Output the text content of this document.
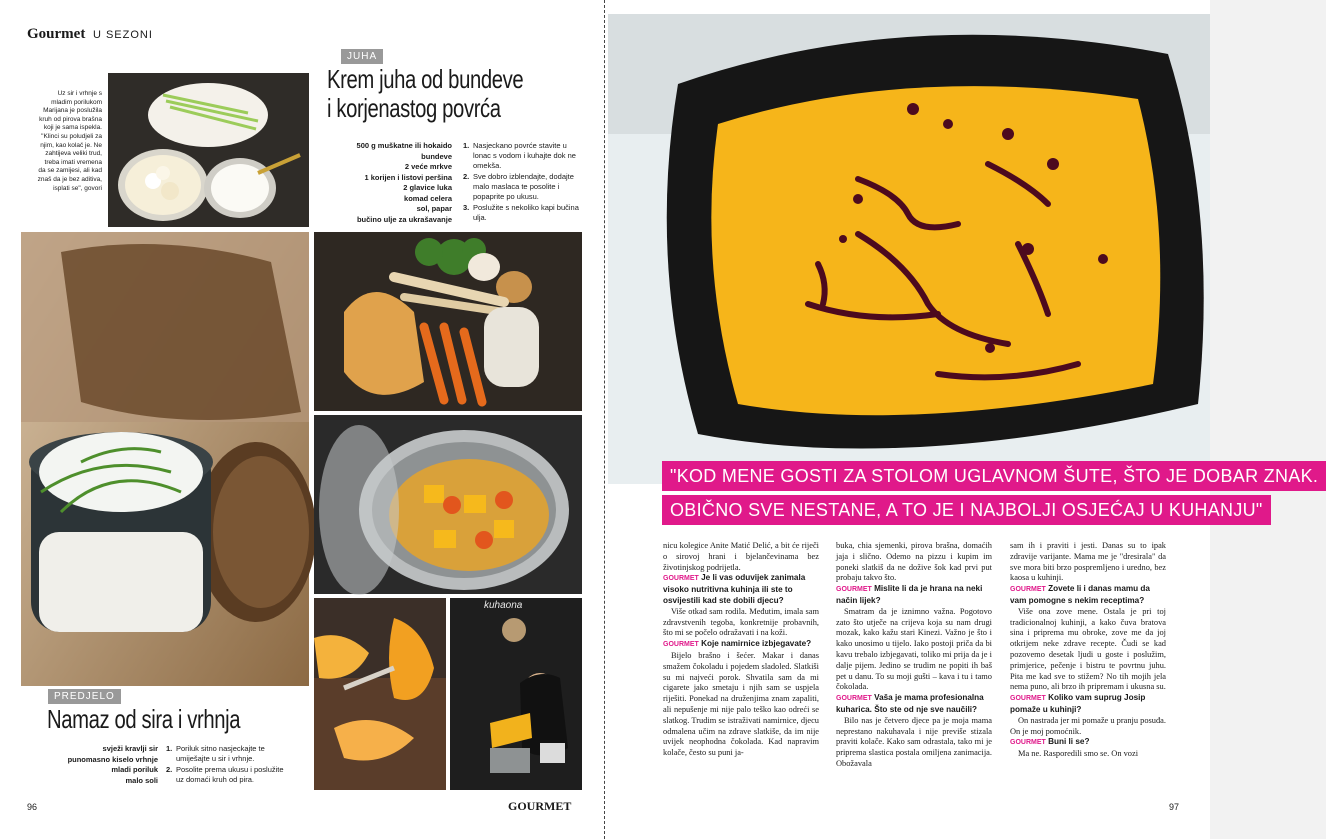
Gourmet U SEZONI
Uz sir i vrhnje s mladim porilukom Marijana je poslužila kruh od pirova brašna koji je sama ispekla. "Klinci su poludjeli za njim, kao kolač je. Ne zahtijeva veliki trud, treba imati vremena da se zamijesi, ali kad znaš da je bez aditiva, isplati se", govori
JUHA
Krem juha od bundeve
i korjenastog povrća
500 g muškatne ili hokaido
bundeve
2 veće mrkve
1 korijen i listovi peršina
2 glavice luka
komad celera
sol, papar
bučino ulje za ukrašavanje
1. Nasjeckano povrće stavite u lonac s vodom i kuhajte dok ne omekša.
2. Sve dobro izblendajte, dodajte malo maslaca te posolite i popaprite po ukusu.
3. Poslužite s nekoliko kapi bučina ulja.
PREDJELO
Namaz od sira i vrhnja
svježi kravlji sir
punomasno kiselo vrhnje
mladi poriluk
malo soli
1. Poriluk sitno nasjeckajte te umiješajte u sir i vrhnje.
2. Posolite prema ukusu i poslužite uz domaći kruh od pira.
kuhaona
96	GOURMET
"KOD MENE GOSTI ZA STOLOM UGLAVNOM ŠUTE, ŠTO JE DOBAR ZNAK. OBIČNO SVE NESTANE, A TO JE I NAJBOLJI OSJEĆAJ U KUHANJU"

nicu kolegice Anite Matić Delić, a bit će riječi o sirovoj hrani i bjelančevinama bez životinjskog podrijetla.

GOURMET Je li vas oduvijek zanimala visoko nutritivna kuhinja ili ste to osvijestili kad ste dobili djecu?

Više otkad sam rodila. Međutim, imala sam zdravstvenih tegoba, konkretnije probavnih, što mi se počelo odražavati i na koži.

GOURMET Koje namirnice izbjegavate?

Bijelo brašno i šećer. Makar i danas smažem čokoladu i pojedem sladoled. Slatkiši su mi najveći porok. Shvatila sam da mi cigarete jako smetaju i njih sam se uspjela riješiti. Ponekad na druženjima znam zapaliti, ali nepušenje mi nije palo teško kao odreći se slatkog. Trudim se istraživati namirnice, djecu odmalena učim na zdrave slatkiše, da im nije uvijek neophodna čokolada. Kad napravim kolače, često su puni ja-

buka, chia sjemenki, pirova brašna, domaćih jaja i slično. Odemo na pizzu i kupim im poneki slatkiš da ne doživе šok kad prvi put probaju takvo što.

GOURMET Mislite li da je hrana na neki način lijek?

Smatram da je iznimno važna. Pogotovo zato što utječe na crijeva koja su nam drugi mozak, kako kažu stari Kinezi. Važno je što i kako unosimo u tijelo. Iako postoji priča da bi kavu trebalo izbjegavati, toliko mi prija da je i dalje pijem. Jedino se trudim ne popiti ih baš pet u danu. To su moji gušti – kava i tu i tamo čokolada.

GOURMET Vaša je mama profesionalna kuharica. Što ste od nje sve naučili?

Bilo nas je četvero djece pa je moja mama neprestano nakuhavala i nije previše stizala praviti kolače. Kako sam odrastala, tako mi je priprema slastica postala omiljena zanimacija. Obožavala

sam ih i praviti i jesti. Danas su to ipak zdravije varijante. Mama me je "dresirala" da sve mora biti brzo pospremljeno i uredno, bez kaosa u kuhinji.

GOURMET Zovete li i danas mamu da vam pomogne s nekim receptima?

Više ona zove mene. Ostala je pri toj tradicionalnoj kuhinji, a kako čuva bratova sina i priprema mu obroke, zove me da joj otkrijem neke zdrave recepte. Čudi se kad pozovemo desetak ljudi u goste i poslužim, primjerice, pečenje i bistru te povrtnu juhu. Pita me kad sve to stižem? No tih mojih jela nema puno, ali brzo ih pripremam i ukusna su.

GOURMET Koliko vam suprug Josip pomaže u kuhinji?

On nastrada jer mi pomaže u pranju posuđa. On je moj pomoćnik.

GOURMET Buni li se?

Ma ne. Rasporedili smo se. On vozi

97
